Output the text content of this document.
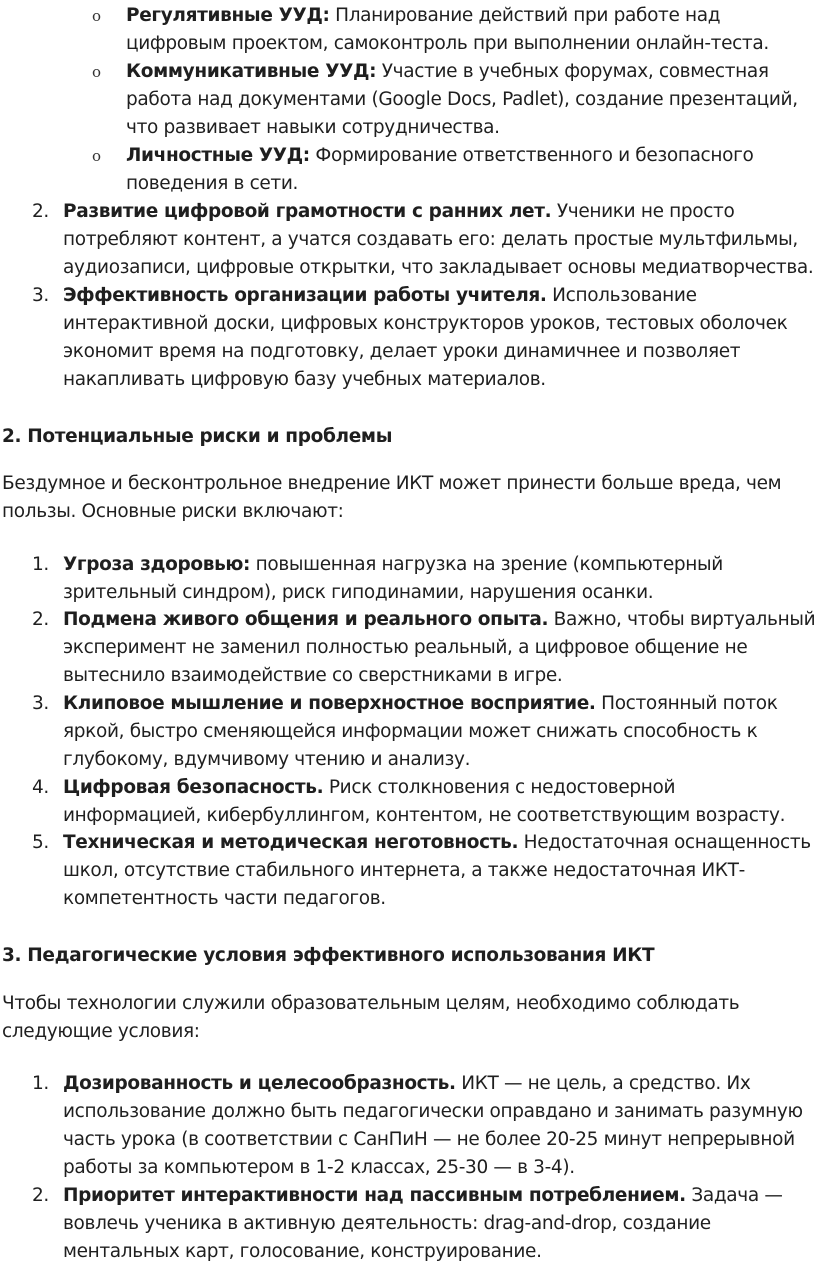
o Регулятивные УУД: Планирование действий при работе над цифровым проектом, самоконтроль при выполнении онлайн-теста.
o Коммуникативные УУД: Участие в учебных форумах, совместная работа над документами (Google Docs, Padlet), создание презентаций, что развивает навыки сотрудничества.
o Личностные УУД: Формирование ответственного и безопасного поведения в сети.
2. Развитие цифровой грамотности с ранних лет. Ученики не просто потребляют контент, а учатся создавать его: делать простые мультфильмы, аудиозаписи, цифровые открытки, что закладывает основы медиатворчества.
3. Эффективность организации работы учителя. Использование интерактивной доски, цифровых конструкторов уроков, тестовых оболочек экономит время на подготовку, делает уроки динамичнее и позволяет накапливать цифровую базу учебных материалов.
2. Потенциальные риски и проблемы
Бездумное и бесконтрольное внедрение ИКТ может принести больше вреда, чем пользы. Основные риски включают:
1. Угроза здоровью: повышенная нагрузка на зрение (компьютерный зрительный синдром), риск гиподинамии, нарушения осанки.
2. Подмена живого общения и реального опыта. Важно, чтобы виртуальный эксперимент не заменил полностью реальный, а цифровое общение не вытеснило взаимодействие со сверстниками в игре.
3. Клиповое мышление и поверхностное восприятие. Постоянный поток яркой, быстро сменяющейся информации может снижать способность к глубокому, вдумчивому чтению и анализу.
4. Цифровая безопасность. Риск столкновения с недостоверной информацией, кибербуллингом, контентом, не соответствующим возрасту.
5. Техническая и методическая неготовность. Недостаточная оснащенность школ, отсутствие стабильного интернета, а также недостаточная ИКТ-компетентность части педагогов.
3. Педагогические условия эффективного использования ИКТ
Чтобы технологии служили образовательным целям, необходимо соблюдать следующие условия:
1. Дозированность и целесообразность. ИКТ — не цель, а средство. Их использование должно быть педагогически оправдано и занимать разумную часть урока (в соответствии с СанПиН — не более 20-25 минут непрерывной работы за компьютером в 1-2 классах, 25-30 — в 3-4).
2. Приоритет интерактивности над пассивным потреблением. Задача — вовлечь ученика в активную деятельность: drag-and-drop, создание ментальных карт, голосование, конструирование.
